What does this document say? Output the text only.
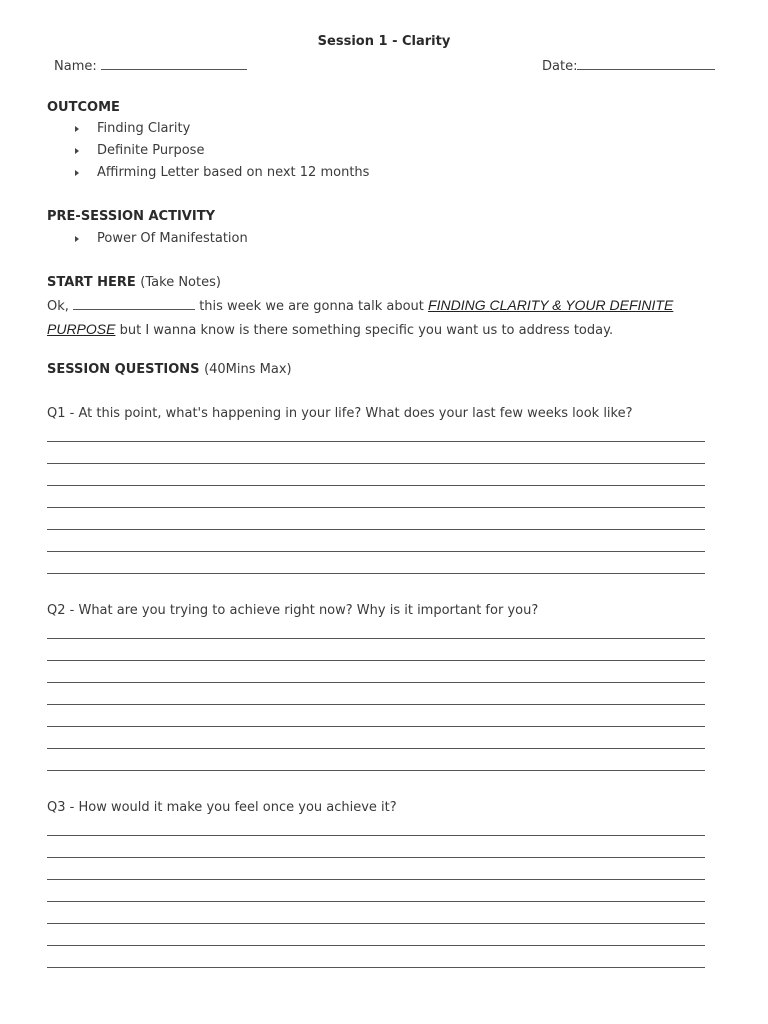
Session 1 - Clarity
Name:	Date:
OUTCOME
Finding Clarity
Definite Purpose
Affirming Letter based on next 12 months
PRE-SESSION ACTIVITY
Power Of Manifestation
START HERE (Take Notes)
Ok,	this week we are gonna talk about FINDING CLARITY & YOUR DEFINITE
PURPOSE but I wanna know is there something specific you want us to address today.
SESSION QUESTIONS (40Mins Max)
Q1 - At this point, what's happening in your life? What does your last few weeks look like?
Q2 - What are you trying to achieve right now? Why is it important for you?
Q3 - How would it make you feel once you achieve it?
